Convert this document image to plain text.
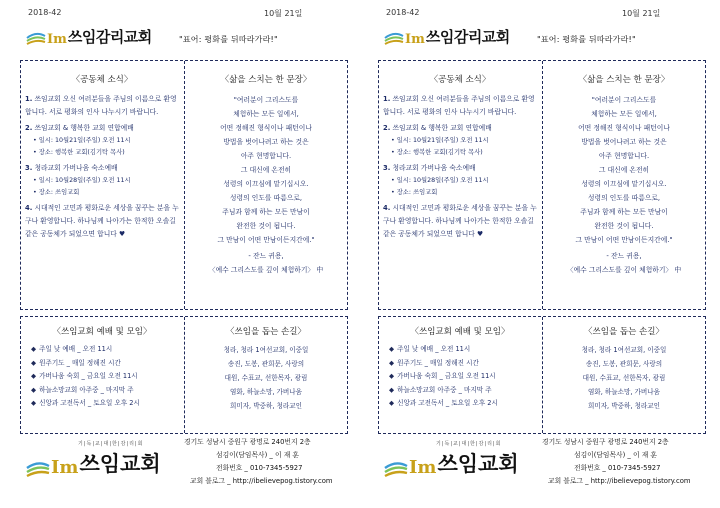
2018-42	10월 21일
Im 쓰임감리교회	"표어: 평화를 뒤따라가라!"
〈공동체 소식〉
1. 쓰임교회 오신 여러분들을 주님의 이름으로 환영합니다. 서로 평화의 인사 나누시기 바랍니다.
2. 쓰임교회 & 행복한 교회 연합예배
• 일시: 10월21일(주일) 오전 11시
• 장소: 행복한 교회(김기탁 목사)
3. 청라교회 가버나움 숙소예배
• 일시: 10월28일(주일) 오전 11시
• 장소: 쓰임교회
4. 시대적인 고민과 평화로운 세상을 꿈꾸는 분을 누구나 환영합니다. 하나님께 나아가는 한적한 오솔길 같은 공동체가 되었으면 합니다 ♥
〈삶을 스치는 한 문장〉
"여러분이 그리스도를
체험하는 모든 일에서,
어떤 정해진 형식이나 패턴이나
방법을 벗어나려고 하는 것은
아주 현명합니다.
그 대신에 온전히
성령의 이끄심에 맡기십시오.
성령의 인도를 따름으로,
주님과 함께 하는 모든 만남이
완전한 것이 됩니다.
그 만남이 어떤 만남이든지간에."
- 잔느 귀용,
〈예수 그리스도를 깊이 체험하기〉 中
〈쓰임교회 예배 및 모임〉
◆ 주일 낮 예배 _ 오전 11시
◆ 원주기도 _ 매일 정해진 시간
◆ 가버나움 숙회 _ 금요일 오전 11시
◆ 하늘소망교회 아주중 _ 마지막 주
◆ 신앙과 고전독서 _ 토요일 오후 2시
〈쓰임을 돕는 손길〉
청라, 청라 1여선교회, 이중일
송진, 도봉, 관희문, 사랑의
대원, 수표교, 선한목자, 광림
염화, 하늘소망, 가버나움
희미자, 박중하, 청라교인
기|독|교|대|한|감|리|회
Im 쓰임교회
경기도 성남시 중원구 광명로 240번지 2층
섬김이(담임목사) _ 이 재 훈
전화번호 _ 010-7345-5927
교회 블로그 _ http://ibelievepog.tistory.com
2018-42	10월 21일
Im 쓰임감리교회	"표어: 평화를 뒤따라가라!"
〈공동체 소식〉
1. 쓰임교회 오신 여러분들을 주님의 이름으로 환영합니다. 서로 평화의 인사 나누시기 바랍니다.
2. 쓰임교회 & 행복한 교회 연합예배
• 일시: 10월21일(주일) 오전 11시
• 장소: 행복한 교회(김기탁 목사)
3. 청라교회 가버나움 숙소예배
• 일시: 10월28일(주일) 오전 11시
• 장소: 쓰임교회
4. 시대적인 고민과 평화로운 세상을 꿈꾸는 분을 누구나 환영합니다. 하나님께 나아가는 한적한 오솔길 같은 공동체가 되었으면 합니다 ♥
〈삶을 스치는 한 문장〉
"여러분이 그리스도를
체험하는 모든 일에서,
어떤 정해진 형식이나 패턴이나
방법을 벗어나려고 하는 것은
아주 현명합니다.
그 대신에 온전히
성령의 이끄심에 맡기십시오.
성령의 인도를 따름으로,
주님과 함께 하는 모든 만남이
완전한 것이 됩니다.
그 만남이 어떤 만남이든지간에."
- 잔느 귀용,
〈예수 그리스도를 깊이 체험하기〉 中
〈쓰임교회 예배 및 모임〉
◆ 주일 낮 예배 _ 오전 11시
◆ 원주기도 _ 매일 정해진 시간
◆ 가버나움 숙회 _ 금요일 오전 11시
◆ 하늘소망교회 아주중 _ 마지막 주
◆ 신앙과 고전독서 _ 토요일 오후 2시
〈쓰임을 돕는 손길〉
청라, 청라 1여선교회, 이중일
송진, 도봉, 관희문, 사랑의
대원, 수표교, 선한목자, 광림
염화, 하늘소망, 가버나움
희미자, 박중하, 청라교인
기|독|교|대|한|감|리|회
Im 쓰임교회
경기도 성남시 중원구 광명로 240번지 2층
섬김이(담임목사) _ 이 재 훈
전화번호 _ 010-7345-5927
교회 블로그 _ http://ibelievepog.tistory.com
